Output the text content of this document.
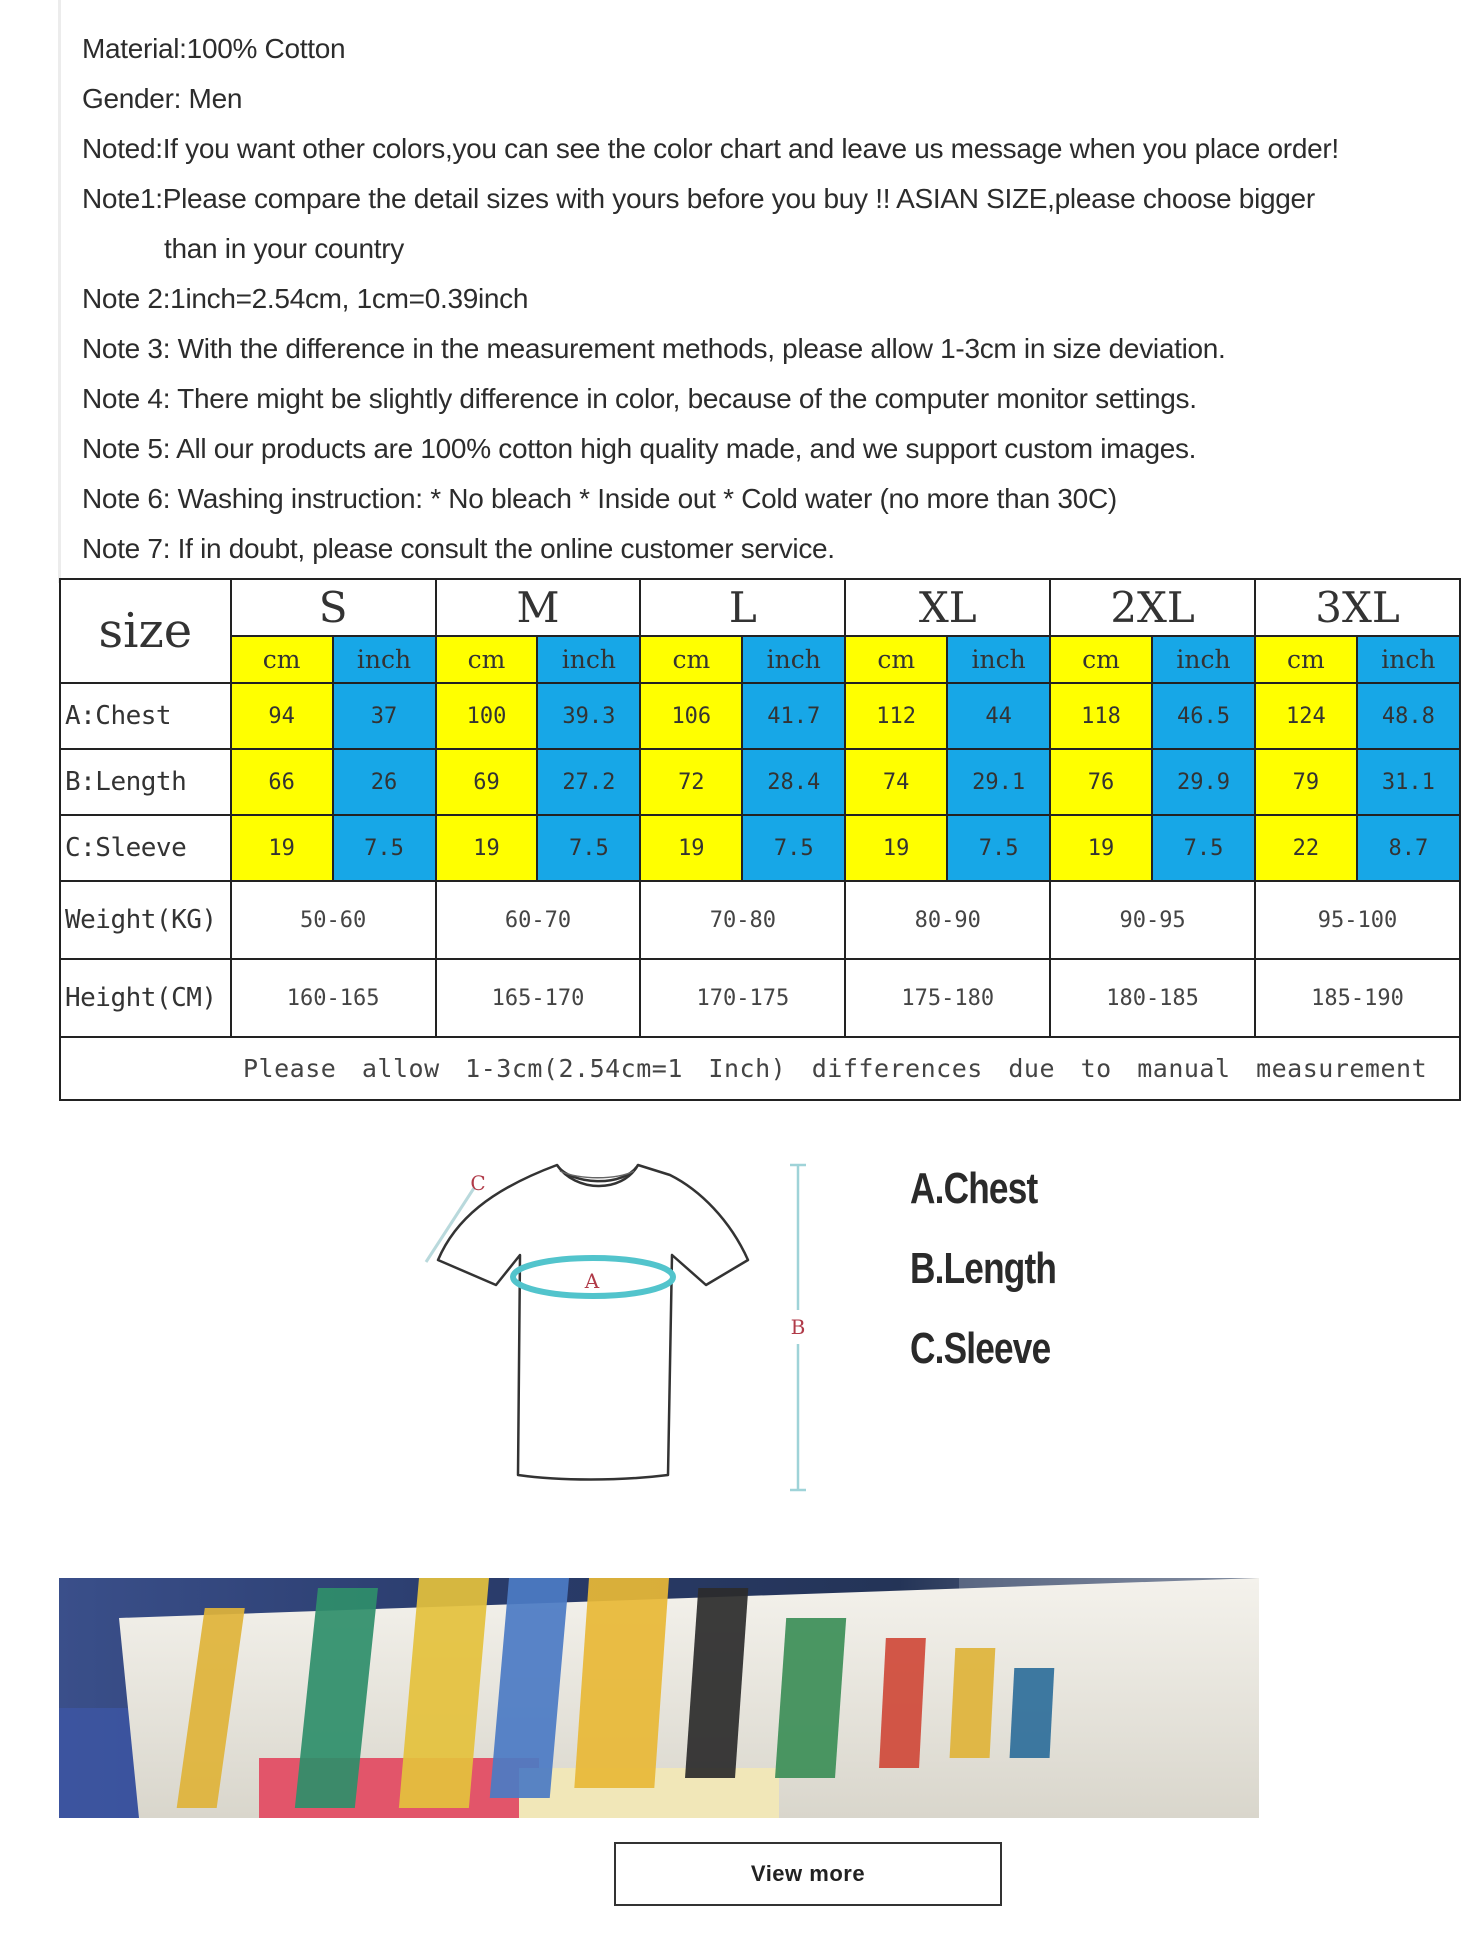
Material:100% Cotton
Gender: Men
Noted:If you want other colors,you can see the color chart and leave us message when you place order!
Note1:Please compare the detail sizes with yours before you buy !! ASIAN SIZE,please choose bigger
than in your country
Note 2:1inch=2.54cm, 1cm=0.39inch
Note 3: With the difference in the measurement methods, please allow 1-3cm in size deviation.
Note 4: There might be slightly difference in color, because of the computer monitor settings.
Note 5: All our products are 100% cotton high quality made, and we support custom images.
Note 6: Washing instruction: * No bleach * Inside out * Cold water (no more than 30C)
Note 7: If in doubt, please consult the online customer service.
size	S		M		L		XL		2XL		3XL	
	cm	inch	cm	inch	cm	inch	cm	inch	cm	inch	cm	inch
A:Chest	94	37	100	39.3	106	41.7	112	44	118	46.5	124	48.8
B:Length	66	26	69	27.2	72	28.4	74	29.1	76	29.9	79	31.1
C:Sleeve	19	7.5	19	7.5	19	7.5	19	7.5	19	7.5	22	8.7
Weight(KG)	50-60		60-70		70-80		80-90		90-95		95-100	
Height(CM)	160-165		165-170		170-175		175-180		180-185		185-190	
Please allow 1-3cm(2.54cm=1 Inch) differences due to manual measurement												
A
B
C	A.Chest
B.Length
C.Sleeve
View more
